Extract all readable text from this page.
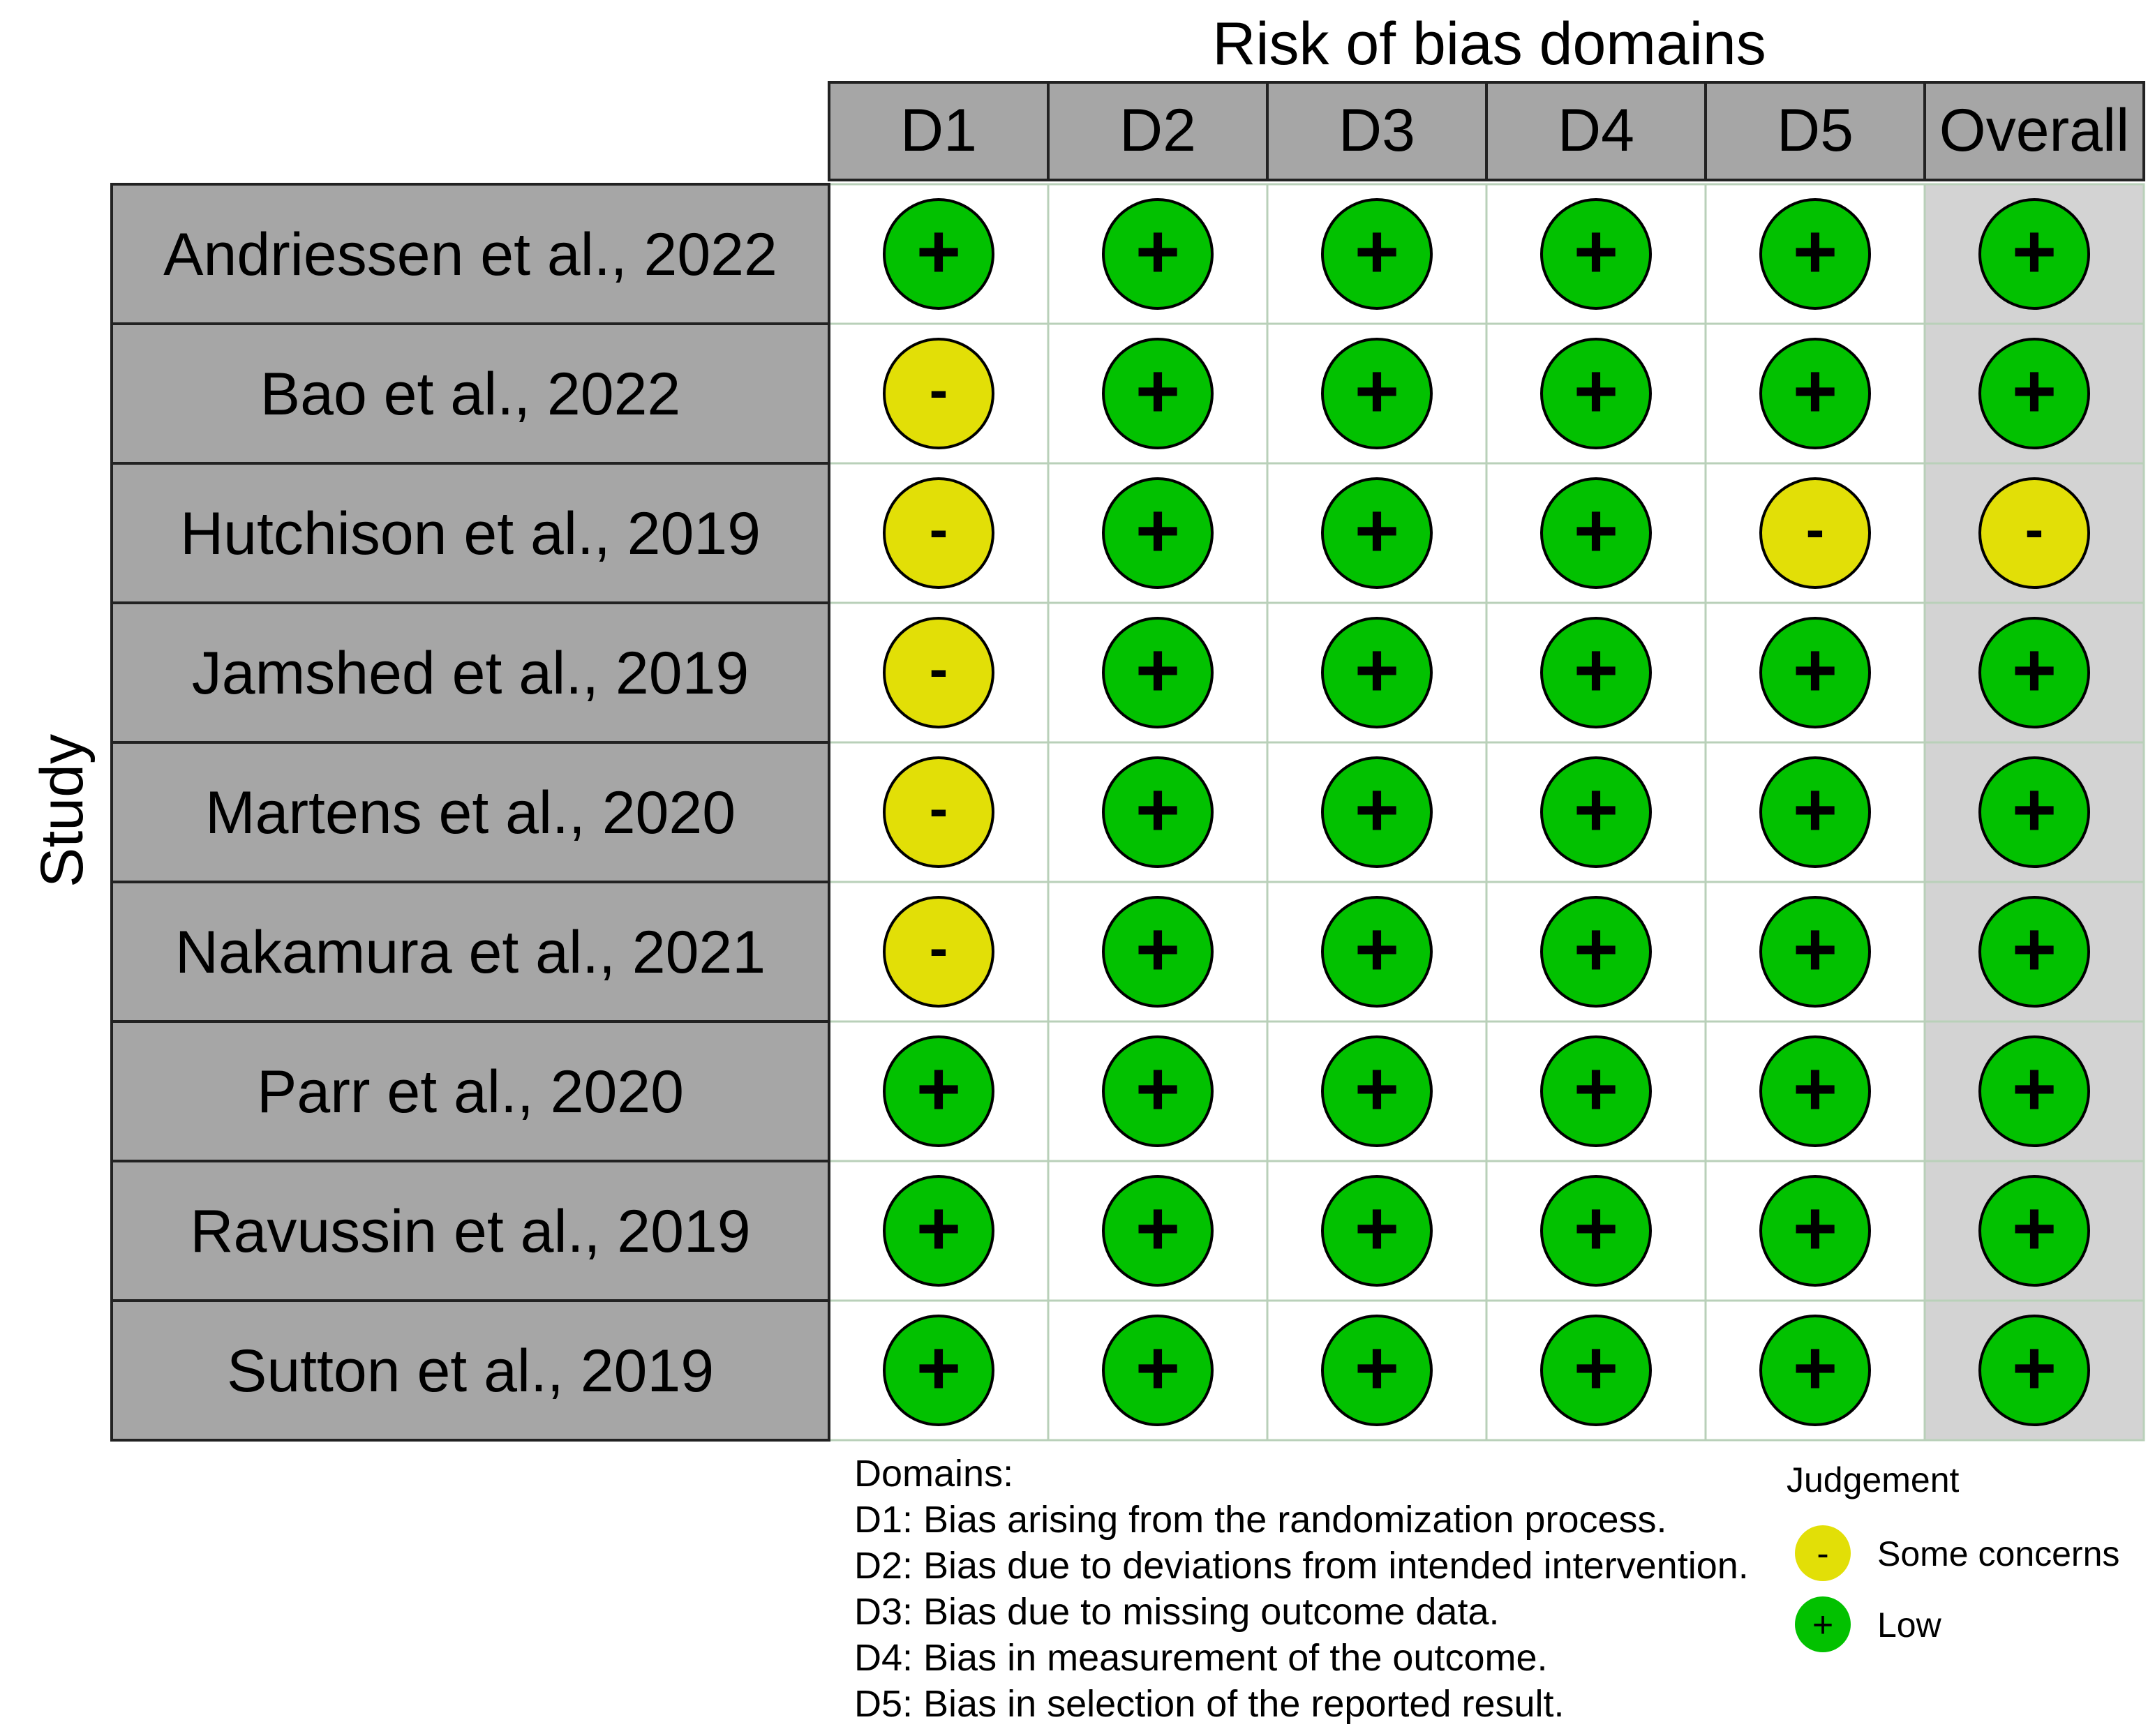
Risk of bias domains
Study
D1 D2 D3 D4 D5 Overall
Andriessen et al., 2022
Bao et al., 2022
Hutchison et al., 2019
Jamshed et al., 2019
Martens et al., 2020
Nakamura et al., 2021
Parr et al., 2020
Ravussin et al., 2019
Sutton et al., 2019
+ + + + + +
- + + + + +
- + + +	-	-
- + + + + +
- + + + + +
- + + + + +
+ + + + + +
+ + + + + +
+ + + + + +
Domains:
D1: Bias arising from the randomization process.
D2: Bias due to deviations from intended intervention.
D3: Bias due to missing outcome data.
D4: Bias in measurement of the outcome.
D5: Bias in selection of the reported result.
Judgement
- Some concerns
+ Low
